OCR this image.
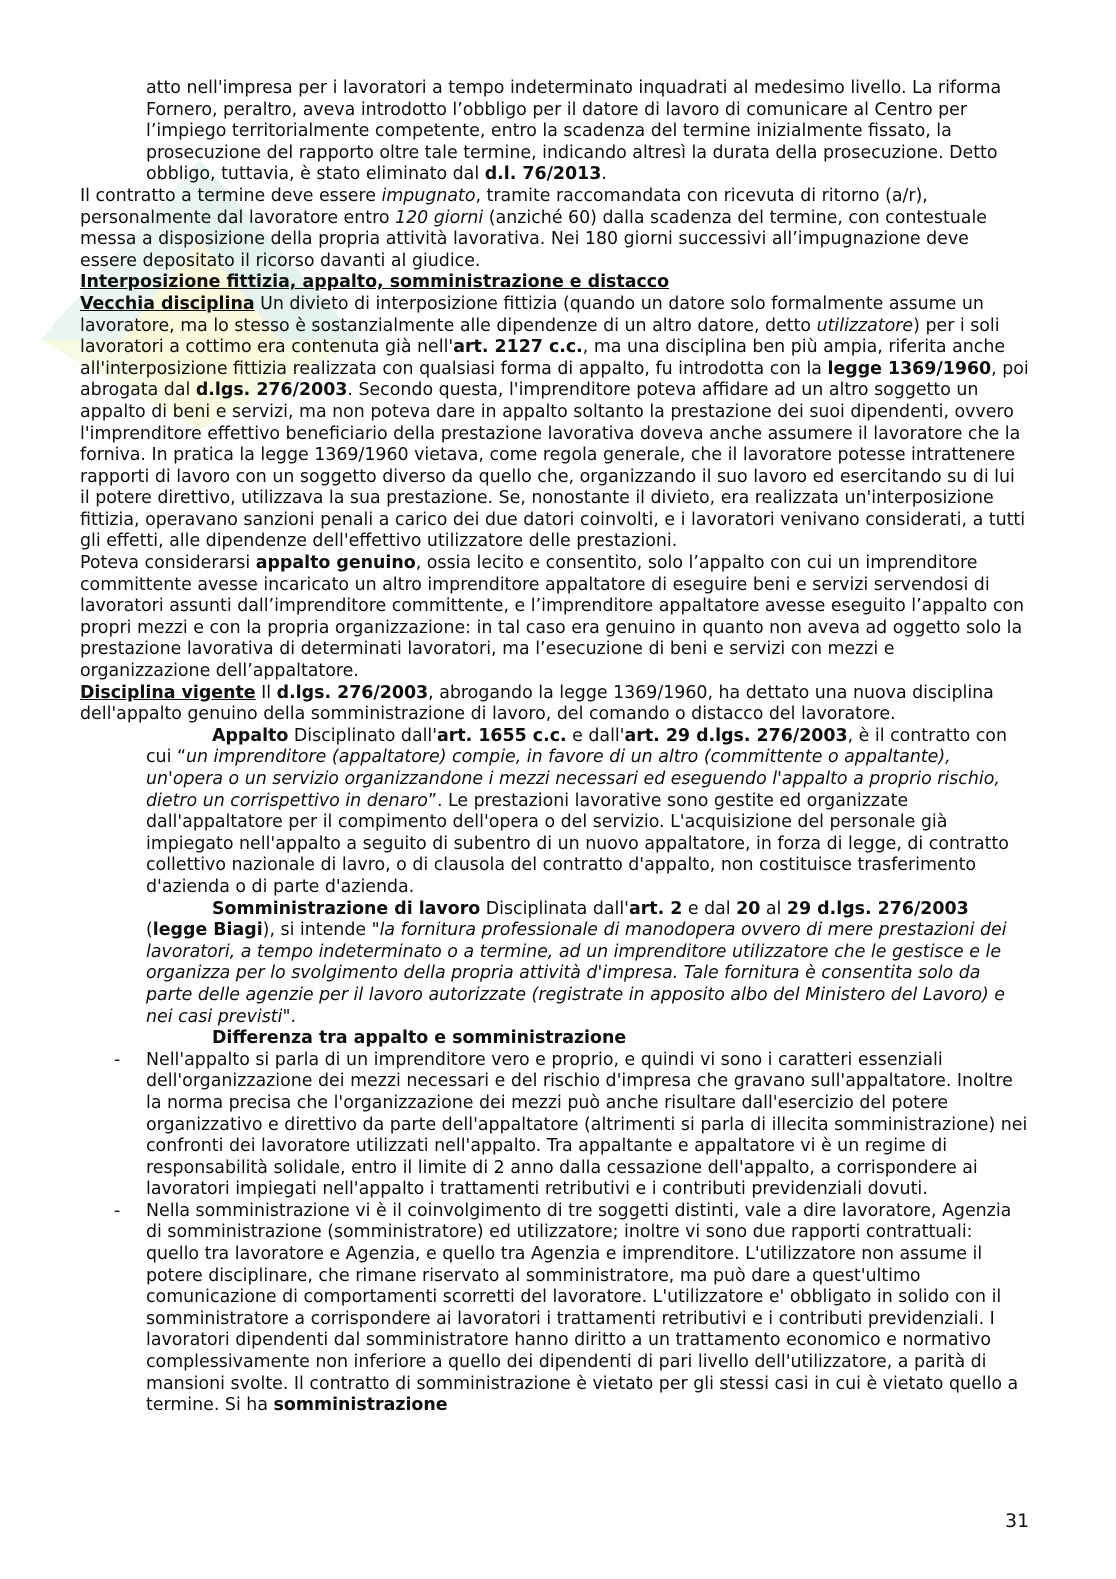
atto nell'impresa per i lavoratori a tempo indeterminato inquadrati al medesimo livello. La riforma Fornero, peraltro, aveva introdotto l’obbligo per il datore di lavoro di comunicare al Centro per l’impiego territorialmente competente, entro la scadenza del termine inizialmente fissato, la prosecuzione del rapporto oltre tale termine, indicando altresì la durata della prosecuzione. Detto obbligo, tuttavia, è stato eliminato dal d.l. 76/2013.

Il contratto a termine deve essere impugnato, tramite raccomandata con ricevuta di ritorno (a/r), personalmente dal lavoratore entro 120 giorni (anziché 60) dalla scadenza del termine, con contestuale messa a disposizione della propria attività lavorativa. Nei 180 giorni successivi all’impugnazione deve essere depositato il ricorso davanti al giudice.

Interposizione fittizia, appalto, somministrazione e distacco

Vecchia disciplina Un divieto di interposizione fittizia (quando un datore solo formalmente assume un lavoratore, ma lo stesso è sostanzialmente alle dipendenze di un altro datore, detto utilizzatore) per i soli lavoratori a cottimo era contenuta già nell'art. 2127 c.c., ma una disciplina ben più ampia, riferita anche all'interposizione fittizia realizzata con qualsiasi forma di appalto, fu introdotta con la legge 1369/1960, poi abrogata dal d.lgs. 276/2003. Secondo questa, l'imprenditore poteva affidare ad un altro soggetto un appalto di beni e servizi, ma non poteva dare in appalto soltanto la prestazione dei suoi dipendenti, ovvero l'imprenditore effettivo beneficiario della prestazione lavorativa doveva anche assumere il lavoratore che la forniva. In pratica la legge 1369/1960 vietava, come regola generale, che il lavoratore potesse intrattenere rapporti di lavoro con un soggetto diverso da quello che, organizzando il suo lavoro ed esercitando su di lui il potere direttivo, utilizzava la sua prestazione. Se, nonostante il divieto, era realizzata un'interposizione fittizia, operavano sanzioni penali a carico dei due datori coinvolti, e i lavoratori venivano considerati, a tutti gli effetti, alle dipendenze dell'effettivo utilizzatore delle prestazioni.

Poteva considerarsi appalto genuino, ossia lecito e consentito, solo l’appalto con cui un imprenditore committente avesse incaricato un altro imprenditore appaltatore di eseguire beni e servizi servendosi di lavoratori assunti dall’imprenditore committente, e l’imprenditore appaltatore avesse eseguito l’appalto con propri mezzi e con la propria organizzazione: in tal caso era genuino in quanto non aveva ad oggetto solo la prestazione lavorativa di determinati lavoratori, ma l’esecuzione di beni e servizi con mezzi e organizzazione dell’appaltatore.

Disciplina vigente Il d.lgs. 276/2003, abrogando la legge 1369/1960, ha dettato una nuova disciplina dell'appalto genuino della somministrazione di lavoro, del comando o distacco del lavoratore.

Appalto Disciplinato dall'art. 1655 c.c. e dall'art. 29 d.lgs. 276/2003, è il contratto con cui “un imprenditore (appaltatore) compie, in favore di un altro (committente o appaltante), un'opera o un servizio organizzandone i mezzi necessari ed eseguendo l'appalto a proprio rischio, dietro un corrispettivo in denaro”. Le prestazioni lavorative sono gestite ed organizzate dall'appaltatore per il compimento dell'opera o del servizio. L'acquisizione del personale già impiegato nell'appalto a seguito di subentro di un nuovo appaltatore, in forza di legge, di contratto collettivo nazionale di lavro, o di clausola del contratto d'appalto, non costituisce trasferimento d'azienda o di parte d'azienda.

Somministrazione di lavoro Disciplinata dall'art. 2 e dal 20 al 29 d.lgs. 276/2003 (legge Biagi), si intende "la fornitura professionale di manodopera ovvero di mere prestazioni dei lavoratori, a tempo indeterminato o a termine, ad un imprenditore utilizzatore che le gestisce e le organizza per lo svolgimento della propria attività d'impresa. Tale fornitura è consentita solo da parte delle agenzie per il lavoro autorizzate (registrate in apposito albo del Ministero del Lavoro) e nei casi previsti".

Differenza tra appalto e somministrazione

-	Nell'appalto si parla di un imprenditore vero e proprio, e quindi vi sono i caratteri essenziali dell'organizzazione dei mezzi necessari e del rischio d'impresa che gravano sull'appaltatore. Inoltre la norma precisa che l'organizzazione dei mezzi può anche risultare dall'esercizio del potere organizzativo e direttivo da parte dell'appaltatore (altrimenti si parla di illecita somministrazione) nei confronti dei lavoratore utilizzati nell'appalto. Tra appaltante e appaltatore vi è un regime di responsabilità solidale, entro il limite di 2 anno dalla cessazione dell'appalto, a corrispondere ai lavoratori impiegati nell'appalto i trattamenti retributivi e i contributi previdenziali dovuti.
-	Nella somministrazione vi è il coinvolgimento di tre soggetti distinti, vale a dire lavoratore, Agenzia di somministrazione (somministratore) ed utilizzatore; inoltre vi sono due rapporti contrattuali: quello tra lavoratore e Agenzia, e quello tra Agenzia e imprenditore. L'utilizzatore non assume il potere disciplinare, che rimane riservato al somministratore, ma può dare a quest'ultimo comunicazione di comportamenti scorretti del lavoratore. L'utilizzatore e' obbligato in solido con il somministratore a corrispondere ai lavoratori i trattamenti retributivi e i contributi previdenziali. I lavoratori dipendenti dal somministratore hanno diritto a un trattamento economico e normativo complessivamente non inferiore a quello dei dipendenti di pari livello dell'utilizzatore, a parità di mansioni svolte. Il contratto di somministrazione è vietato per gli stessi casi in cui è vietato quello a termine. Si ha somministrazione
31
